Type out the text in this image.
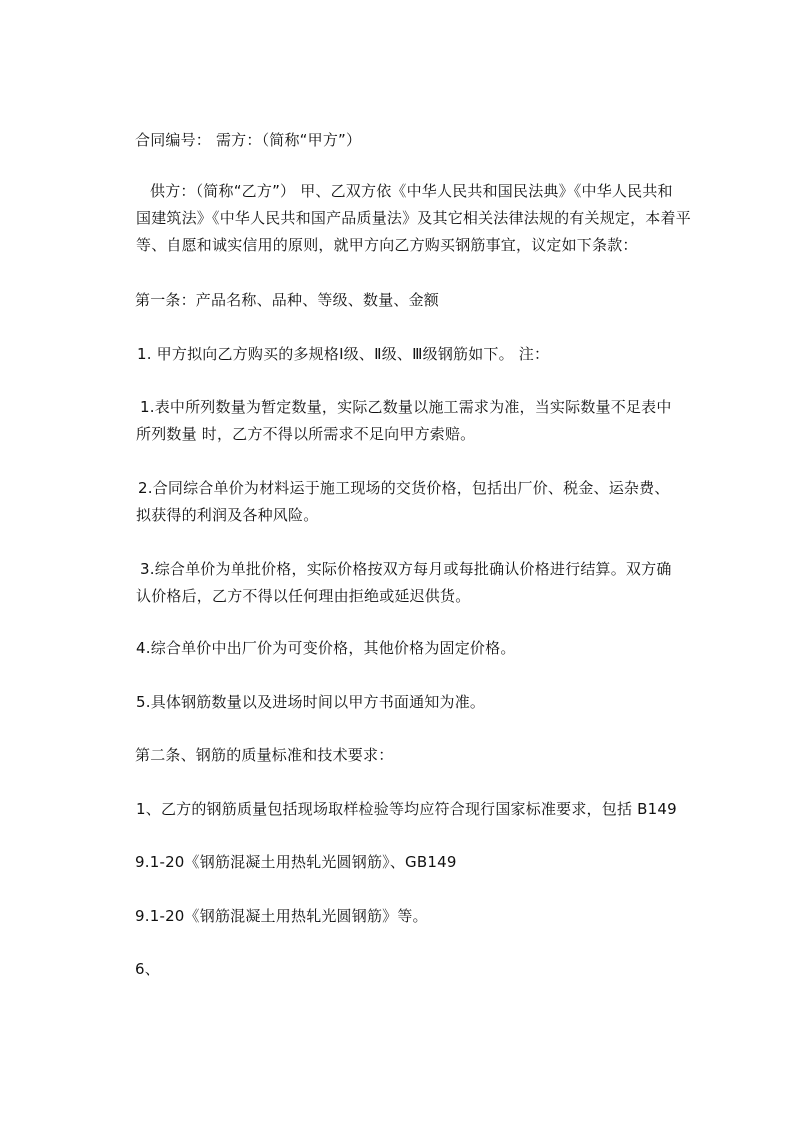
合同编号： 需方：（简称“甲方”）
供方：（简称“乙方”） 甲、乙双方依《中华人民共和国民法典》《中华人民共和
国建筑法》《中华人民共和国产品质量法》及其它相关法律法规的有关规定，本着平
等、自愿和诚实信用的原则，就甲方向乙方购买钢筋事宜，议定如下条款：
第一条：产品名称、品种、等级、数量、金额
1. 甲方拟向乙方购买的多规格Ⅰ级、Ⅱ级、Ⅲ级钢筋如下。 注：
1.表中所列数量为暂定数量，实际乙数量以施工需求为准，当实际数量不足表中
所列数量 时，乙方不得以所需求不足向甲方索赔。
2.合同综合单价为材料运于施工现场的交货价格，包括出厂价、税金、运杂费、
拟获得的利润及各种风险。
3.综合单价为单批价格，实际价格按双方每月或每批确认价格进行结算。双方确
认价格后，乙方不得以任何理由拒绝或延迟供货。
4.综合单价中出厂价为可变价格，其他价格为固定价格。
5.具体钢筋数量以及进场时间以甲方书面通知为准。
第二条、钢筋的质量标准和技术要求：
1、乙方的钢筋质量包括现场取样检验等均应符合现行国家标准要求，包括 B149
9.1-20《钢筋混凝土用热轧光圆钢筋》、GB149
9.1-20《钢筋混凝土用热轧光圆钢筋》等。
6、
